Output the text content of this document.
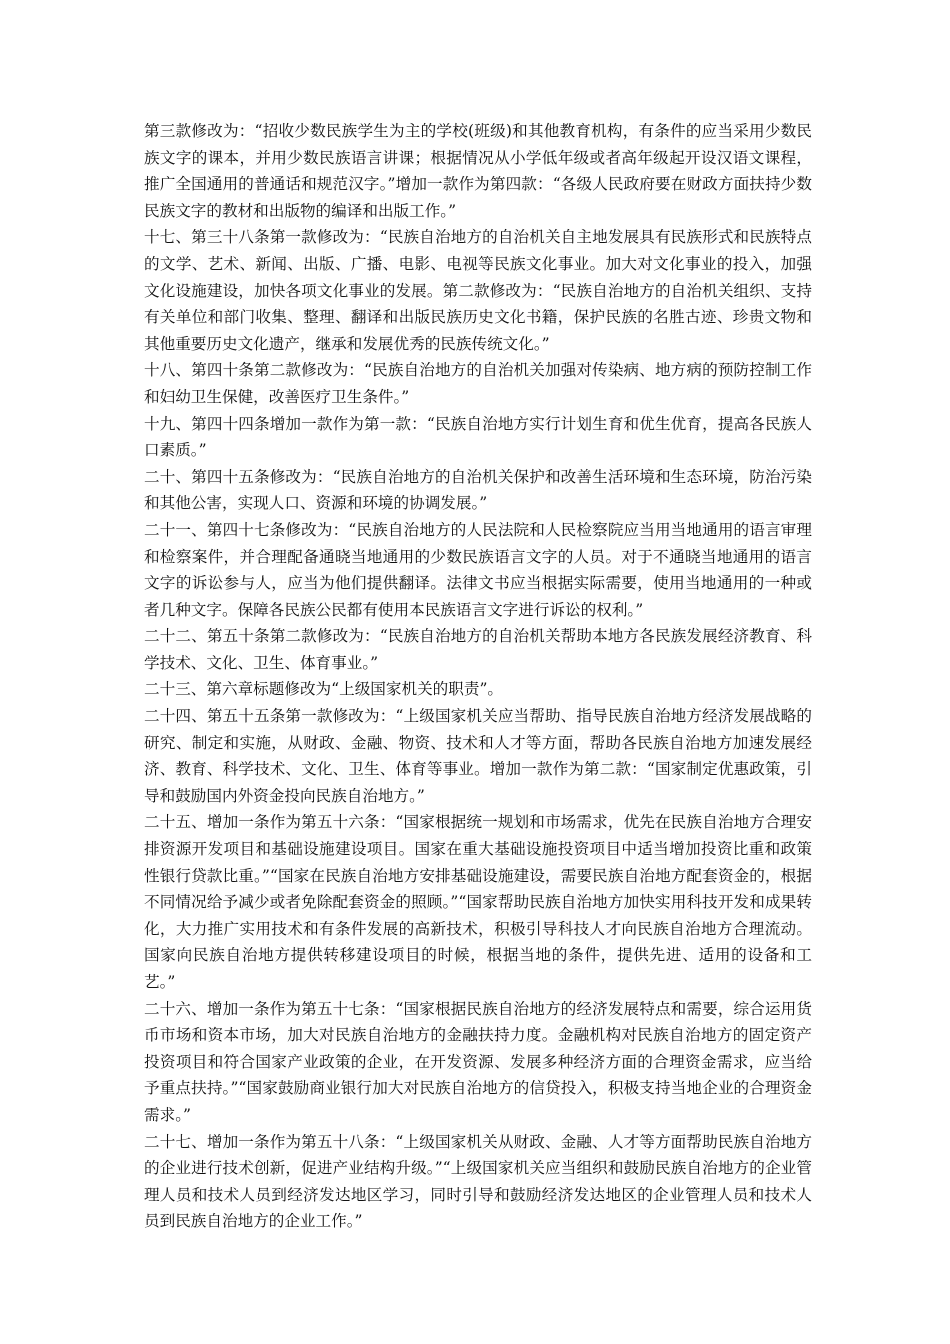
第三款修改为：“招收少数民族学生为主的学校(班级)和其他教育机构，有条件的应当采用少数民族文字的课本，并用少数民族语言讲课；根据情况从小学低年级或者高年级起开设汉语文课程，推广全国通用的普通话和规范汉字。”增加一款作为第四款：“各级人民政府要在财政方面扶持少数民族文字的教材和出版物的编译和出版工作。”

十七、第三十八条第一款修改为：“民族自治地方的自治机关自主地发展具有民族形式和民族特点的文学、艺术、新闻、出版、广播、电影、电视等民族文化事业。加大对文化事业的投入，加强文化设施建设，加快各项文化事业的发展。第二款修改为：“民族自治地方的自治机关组织、支持有关单位和部门收集、整理、翻译和出版民族历史文化书籍，保护民族的名胜古迹、珍贵文物和其他重要历史文化遗产，继承和发展优秀的民族传统文化。”

十八、第四十条第二款修改为：“民族自治地方的自治机关加强对传染病、地方病的预防控制工作和妇幼卫生保健，改善医疗卫生条件。”

十九、第四十四条增加一款作为第一款：“民族自治地方实行计划生育和优生优育，提高各民族人口素质。”

二十、第四十五条修改为：“民族自治地方的自治机关保护和改善生活环境和生态环境，防治污染和其他公害，实现人口、资源和环境的协调发展。”

二十一、第四十七条修改为：“民族自治地方的人民法院和人民检察院应当用当地通用的语言审理和检察案件，并合理配备通晓当地通用的少数民族语言文字的人员。对于不通晓当地通用的语言文字的诉讼参与人，应当为他们提供翻译。法律文书应当根据实际需要，使用当地通用的一种或者几种文字。保障各民族公民都有使用本民族语言文字进行诉讼的权利。”

二十二、第五十条第二款修改为：“民族自治地方的自治机关帮助本地方各民族发展经济教育、科学技术、文化、卫生、体育事业。”

二十三、第六章标题修改为“上级国家机关的职责”。

二十四、第五十五条第一款修改为：“上级国家机关应当帮助、指导民族自治地方经济发展战略的研究、制定和实施，从财政、金融、物资、技术和人才等方面，帮助各民族自治地方加速发展经济、教育、科学技术、文化、卫生、体育等事业。增加一款作为第二款：“国家制定优惠政策，引导和鼓励国内外资金投向民族自治地方。”

二十五、增加一条作为第五十六条：“国家根据统一规划和市场需求，优先在民族自治地方合理安排资源开发项目和基础设施建设项目。国家在重大基础设施投资项目中适当增加投资比重和政策性银行贷款比重。”“国家在民族自治地方安排基础设施建设，需要民族自治地方配套资金的，根据不同情况给予减少或者免除配套资金的照顾。”“国家帮助民族自治地方加快实用科技开发和成果转化，大力推广实用技术和有条件发展的高新技术，积极引导科技人才向民族自治地方合理流动。国家向民族自治地方提供转移建设项目的时候，根据当地的条件，提供先进、适用的设备和工艺。”

二十六、增加一条作为第五十七条：“国家根据民族自治地方的经济发展特点和需要，综合运用货币市场和资本市场，加大对民族自治地方的金融扶持力度。金融机构对民族自治地方的固定资产投资项目和符合国家产业政策的企业，在开发资源、发展多种经济方面的合理资金需求，应当给予重点扶持。”“国家鼓励商业银行加大对民族自治地方的信贷投入，积极支持当地企业的合理资金需求。”

二十七、增加一条作为第五十八条：“上级国家机关从财政、金融、人才等方面帮助民族自治地方的企业进行技术创新，促进产业结构升级。”“上级国家机关应当组织和鼓励民族自治地方的企业管理人员和技术人员到经济发达地区学习，同时引导和鼓励经济发达地区的企业管理人员和技术人员到民族自治地方的企业工作。”
